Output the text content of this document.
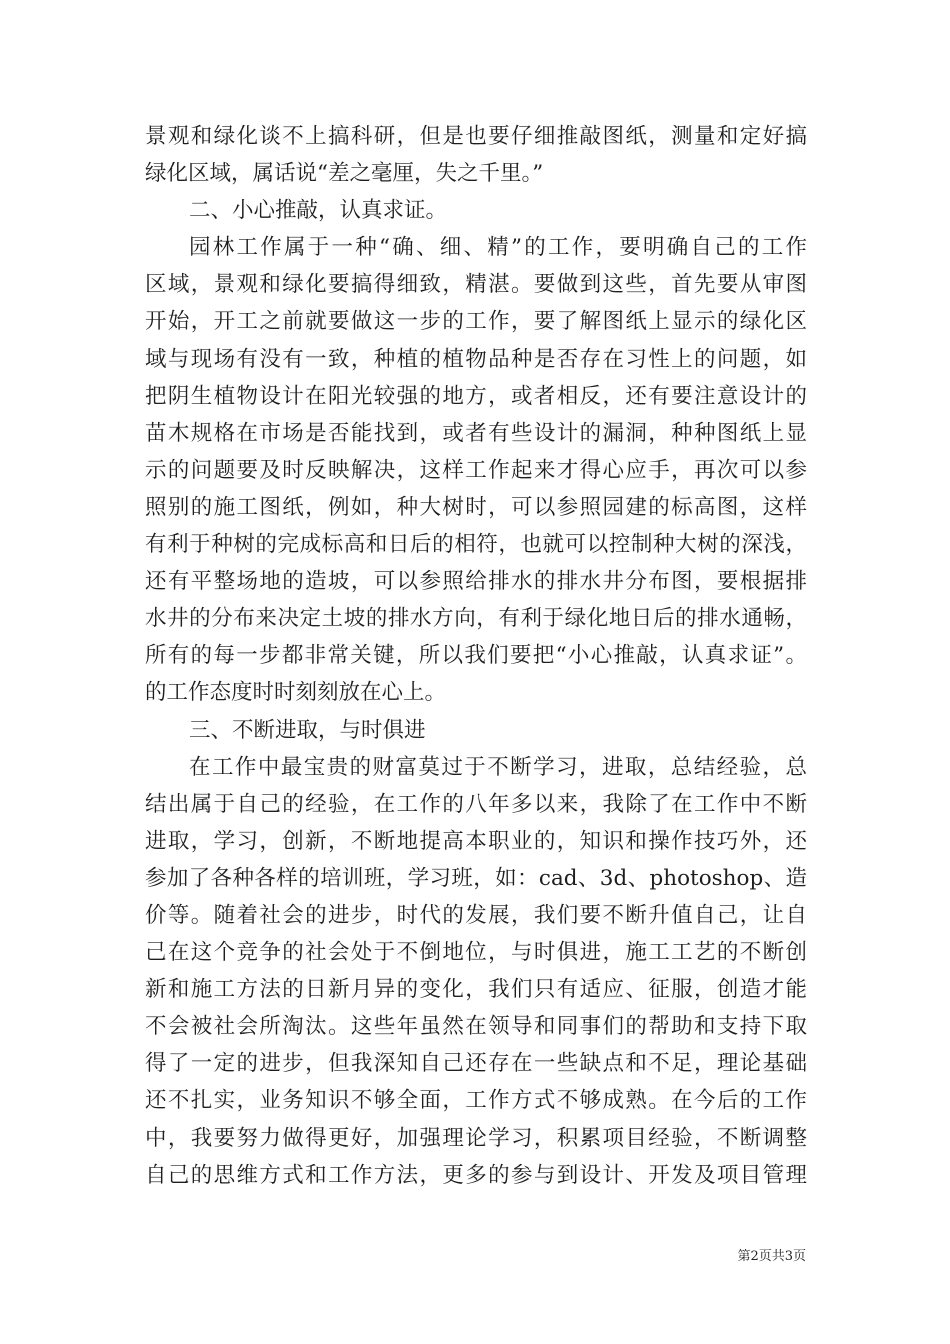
景观和绿化谈不上搞科研，但是也要仔细推敲图纸，测量和定好搞
绿化区域，属话说“差之毫厘，失之千里。”
二、小心推敲，认真求证。
园林工作属于一种“确、细、精”的工作，要明确自己的工作
区域，景观和绿化要搞得细致，精湛。要做到这些，首先要从审图
开始，开工之前就要做这一步的工作，要了解图纸上显示的绿化区
域与现场有没有一致，种植的植物品种是否存在习性上的问题，如
把阴生植物设计在阳光较强的地方，或者相反，还有要注意设计的
苗木规格在市场是否能找到，或者有些设计的漏洞，种种图纸上显
示的问题要及时反映解决，这样工作起来才得心应手，再次可以参
照别的施工图纸，例如，种大树时，可以参照园建的标高图，这样
有利于种树的完成标高和日后的相符，也就可以控制种大树的深浅，
还有平整场地的造坡，可以参照给排水的排水井分布图，要根据排
水井的分布来决定土坡的排水方向，有利于绿化地日后的排水通畅，
所有的每一步都非常关键，所以我们要把“小心推敲，认真求证”。
的工作态度时时刻刻放在心上。
三、不断进取，与时俱进
在工作中最宝贵的财富莫过于不断学习，进取，总结经验，总
结出属于自己的经验，在工作的八年多以来，我除了在工作中不断
进取，学习，创新，不断地提高本职业的，知识和操作技巧外，还
参加了各种各样的培训班，学习班，如：cad、3d、photoshop、造
价等。随着社会的进步，时代的发展，我们要不断升值自己，让自
己在这个竞争的社会处于不倒地位，与时俱进，施工工艺的不断创
新和施工方法的日新月异的变化，我们只有适应、征服，创造才能
不会被社会所淘汰。这些年虽然在领导和同事们的帮助和支持下取
得了一定的进步，但我深知自己还存在一些缺点和不足，理论基础
还不扎实，业务知识不够全面，工作方式不够成熟。在今后的工作
中，我要努力做得更好，加强理论学习，积累项目经验，不断调整
自己的思维方式和工作方法，更多的参与到设计、开发及项目管理
第2页共3页
